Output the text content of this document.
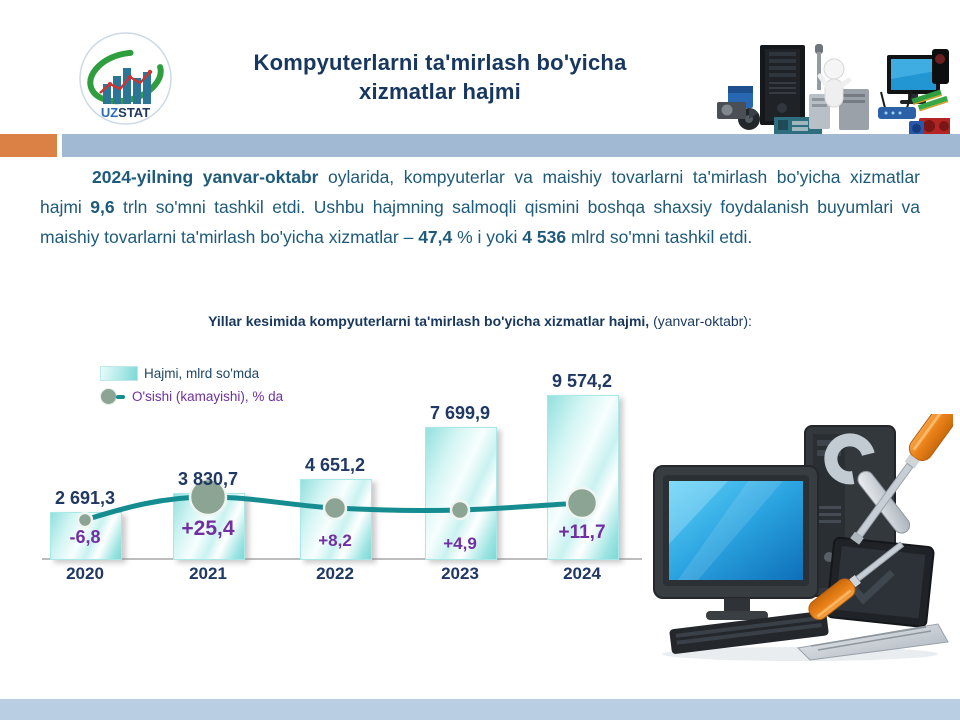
UZSTAT
Kompyuterlarni ta'mirlash bo'yicha
xizmatlar hajmi

2024-yilning yanvar-oktabr oylarida, kompyuterlar va maishiy tovarlarni ta'mirlash bo'yicha xizmatlar hajmi 9,6 trln so'mni tashkil etdi. Ushbu hajmning salmoqli qismini boshqa shaxsiy foydalanish buyumlari va maishiy tovarlarni ta'mirlash bo'yicha xizmatlar – 47,4 % i yoki 4 536 mlrd so'mni tashkil etdi.

Yillar kesimida kompyuterlarni ta'mirlash bo'yicha xizmatlar hajmi, (yanvar-oktabr):
Hajmi, mlrd so'mda
O'sishi (kamayishi), % da
2 691,3
-6,8
2020
3 830,7
+25,4
2021
4 651,2
+8,2
2022
7 699,9
+4,9
2023
9 574,2
+11,7
2024
